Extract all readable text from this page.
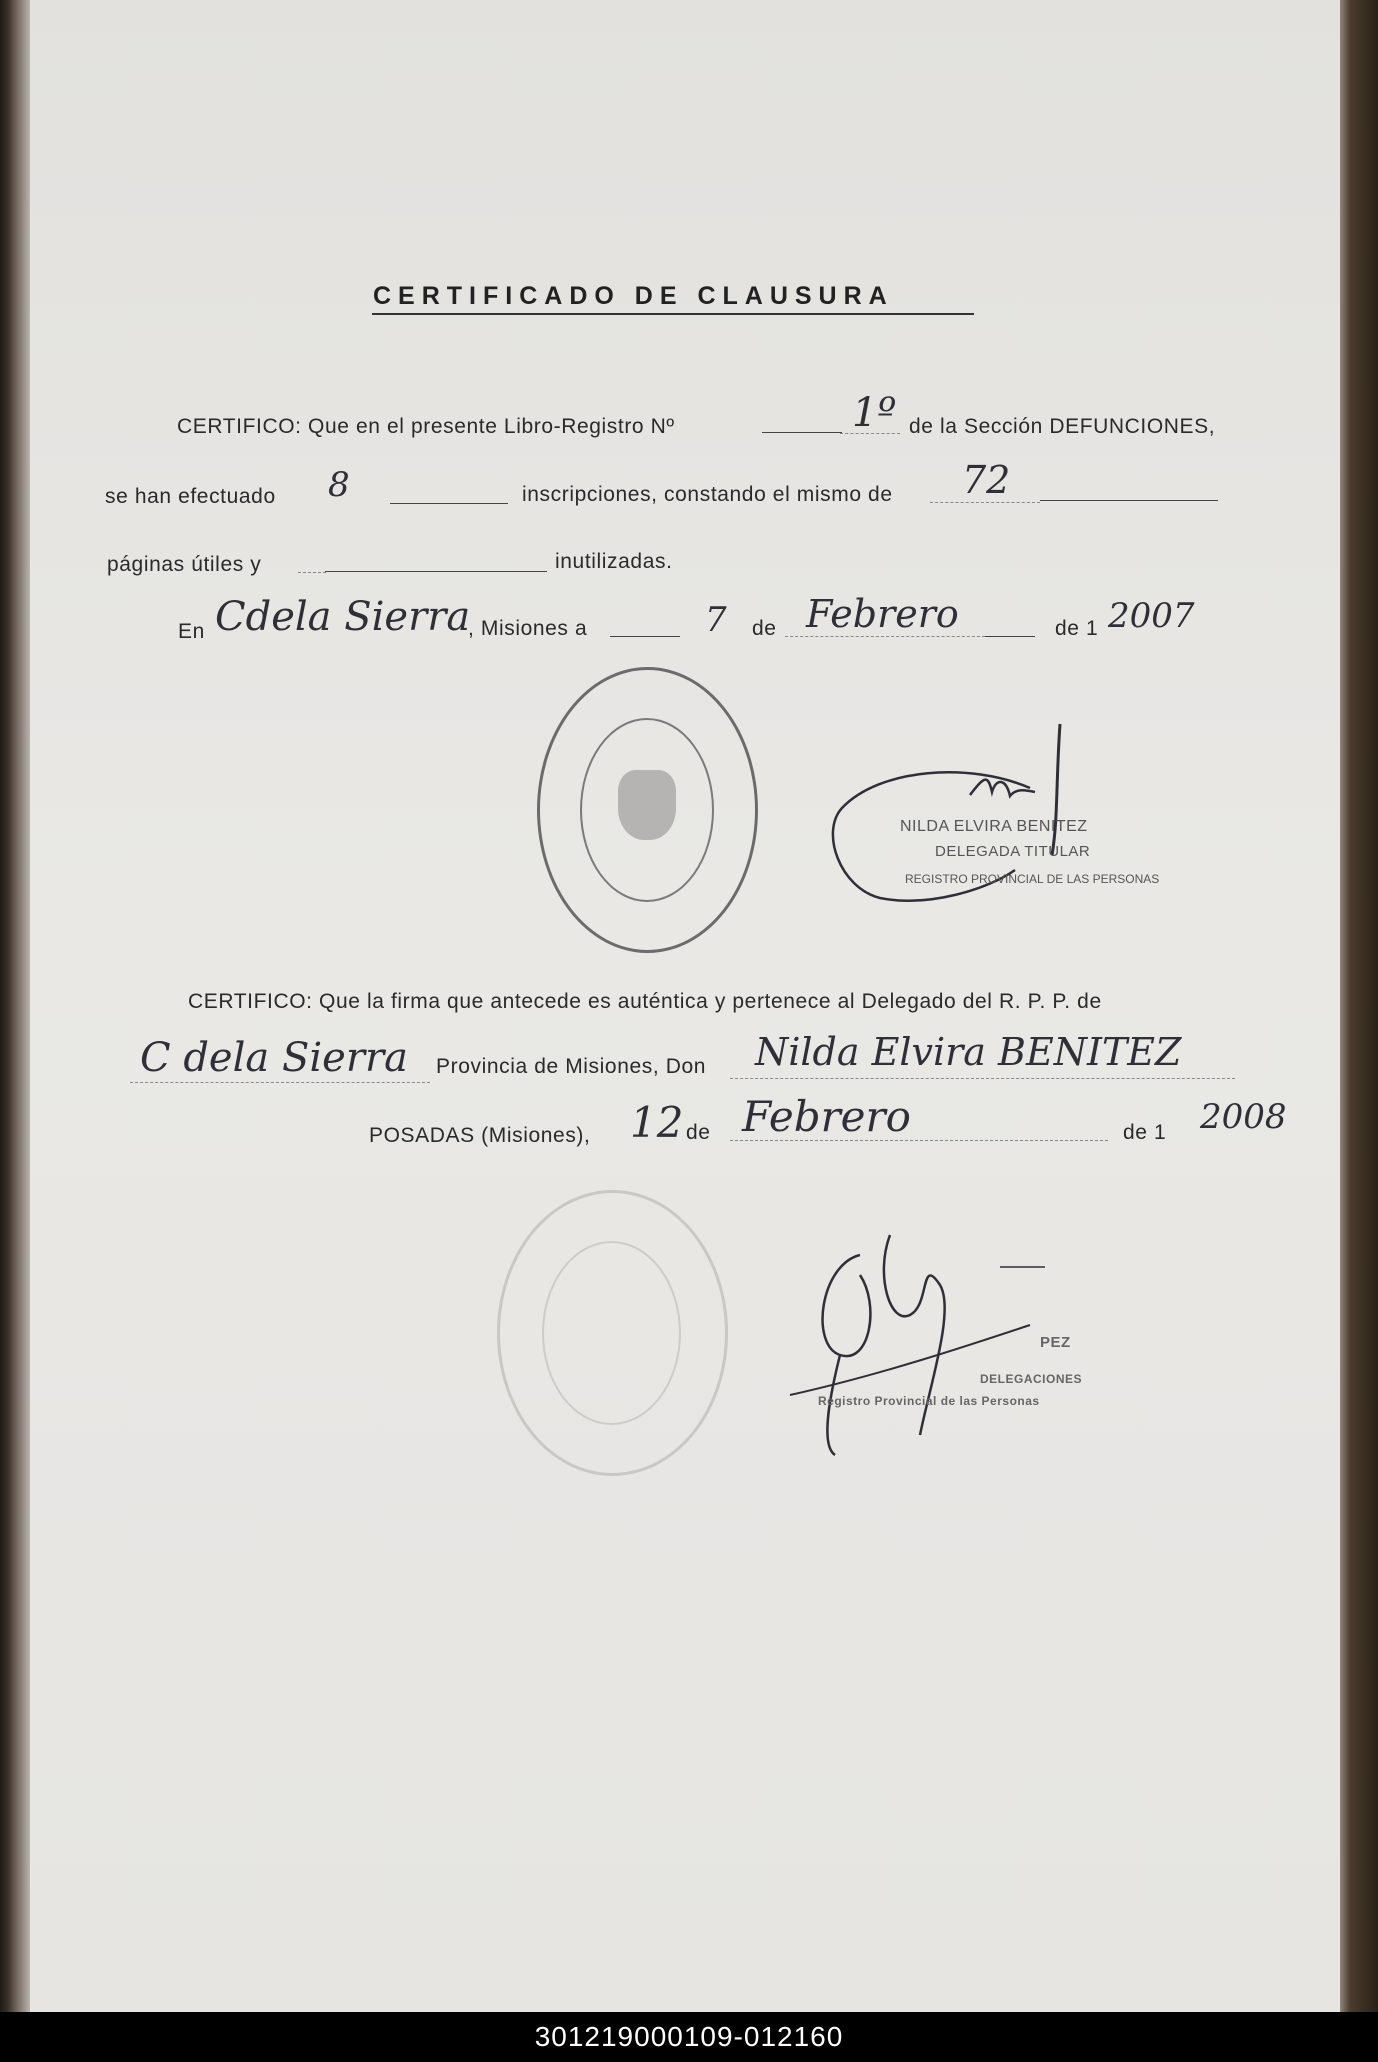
CERTIFICADO DE CLAUSURA
CERTIFICO: Que en el presente Libro-Registro Nº	1º de la Sección DEFUNCIONES,
se han efectuado 8	inscripciones, constando el mismo de 72
páginas útiles y	inutilizadas.
En Cdela Sierra
, Misiones a	7 de Febrero	de 1 2007
NILDA ELVIRA BENITEZ
DELEGADA TITULAR
REGISTRO PROVINCIAL DE LAS PERSONAS
CERTIFICO: Que la firma que antecede es auténtica y pertenece al Delegado del R. P. P. de
C dela Sierra Provincia de Misiones, Don Nilda Elvira BENITEZ
POSADAS (Misiones), 12 de Febrero	de 1 2008
PEZ
DELEGACIONES
Registro Provincial de las Personas
301219000109-012160
